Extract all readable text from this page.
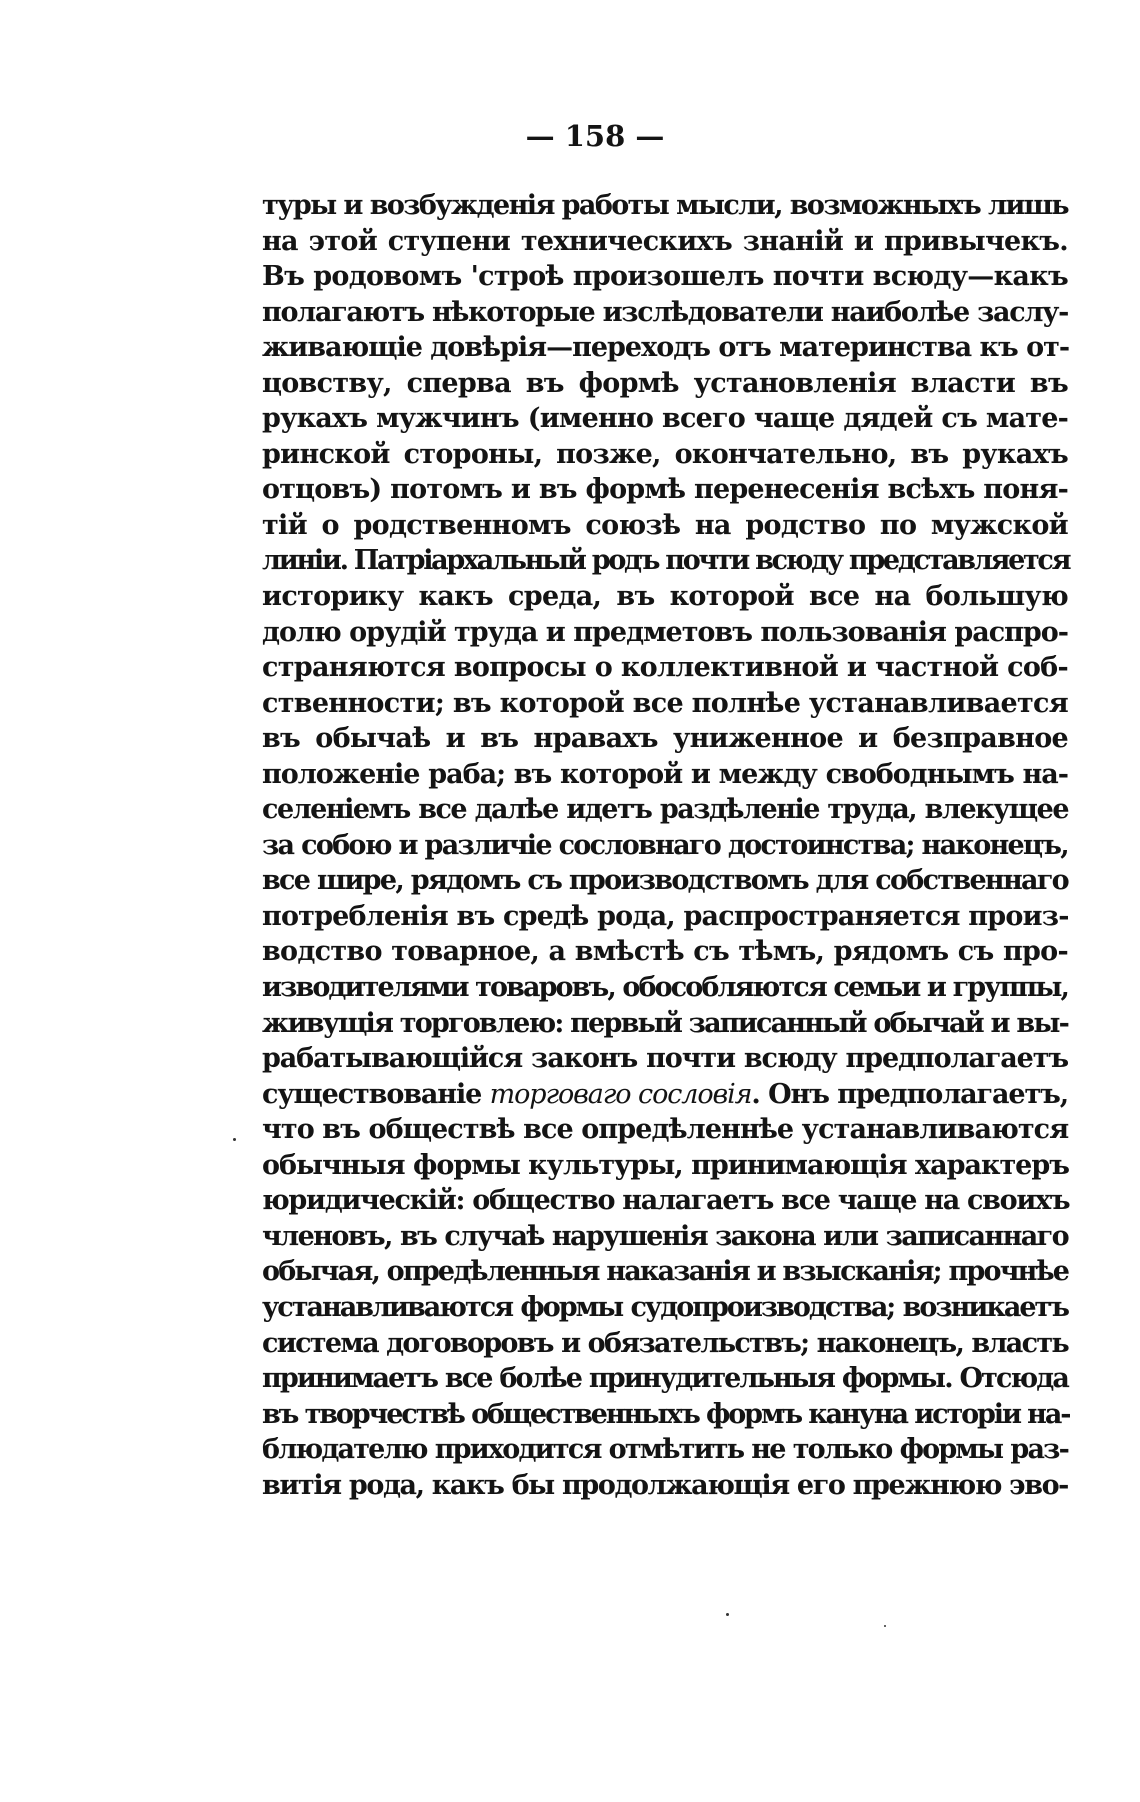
— 158 —
туры и возбужденія работы мысли, возможныхъ лишь
на этой ступени техническихъ знаній и привычекъ.
Въ родовомъ 'строѣ произошелъ почти всюду—какъ
полагаютъ нѣкоторые изслѣдователи наиболѣе заслу-
живающіе довѣрія—переходъ отъ материнства къ от-
цовству, сперва въ формѣ установленія власти въ
рукахъ мужчинъ (именно всего чаще дядей съ мате-
ринской стороны, позже, окончательно, въ рукахъ
отцовъ) потомъ и въ формѣ перенесенія всѣхъ поня-
тій о родственномъ союзѣ на родство по мужской
линіи. Патріархальный родъ почти всюду представляется
историку какъ среда, въ которой все на большую
долю орудій труда и предметовъ пользованія распро-
страняются вопросы о коллективной и частной соб-
ственности; въ которой все полнѣе устанавливается
въ обычаѣ и въ нравахъ униженное и безправное
положеніе раба; въ которой и между свободнымъ на-
селеніемъ все далѣе идетъ раздѣленіе труда, влекущее
за собою и различіе сословнаго достоинства; наконецъ,
все шире, рядомъ съ производствомъ для собственнаго
потребленія въ средѣ рода, распространяется произ-
водство товарное, а вмѣстѣ съ тѣмъ, рядомъ съ про-
изводителями товаровъ, обособляются семьи и группы,
живущія торговлею: первый записанный обычай и вы-
рабатывающійся законъ почти всюду предполагаетъ
существованіе торговаго сословія. Онъ предполагаетъ,
что въ обществѣ все опредѣленнѣе устанавливаются
обычныя формы культуры, принимающія характеръ
юридическій: общество налагаетъ все чаще на своихъ
членовъ, въ случаѣ нарушенія закона или записаннаго
обычая, опредѣленныя наказанія и взысканія; прочнѣе
устанавливаются формы судопроизводства; возникаетъ
система договоровъ и обязательствъ; наконецъ, власть
принимаетъ все болѣе принудительныя формы. Отсюда
въ творчествѣ общественныхъ формъ кануна исторіи на-
блюдателю приходится отмѣтить не только формы раз-
витія рода, какъ бы продолжающія его прежнюю эво-
